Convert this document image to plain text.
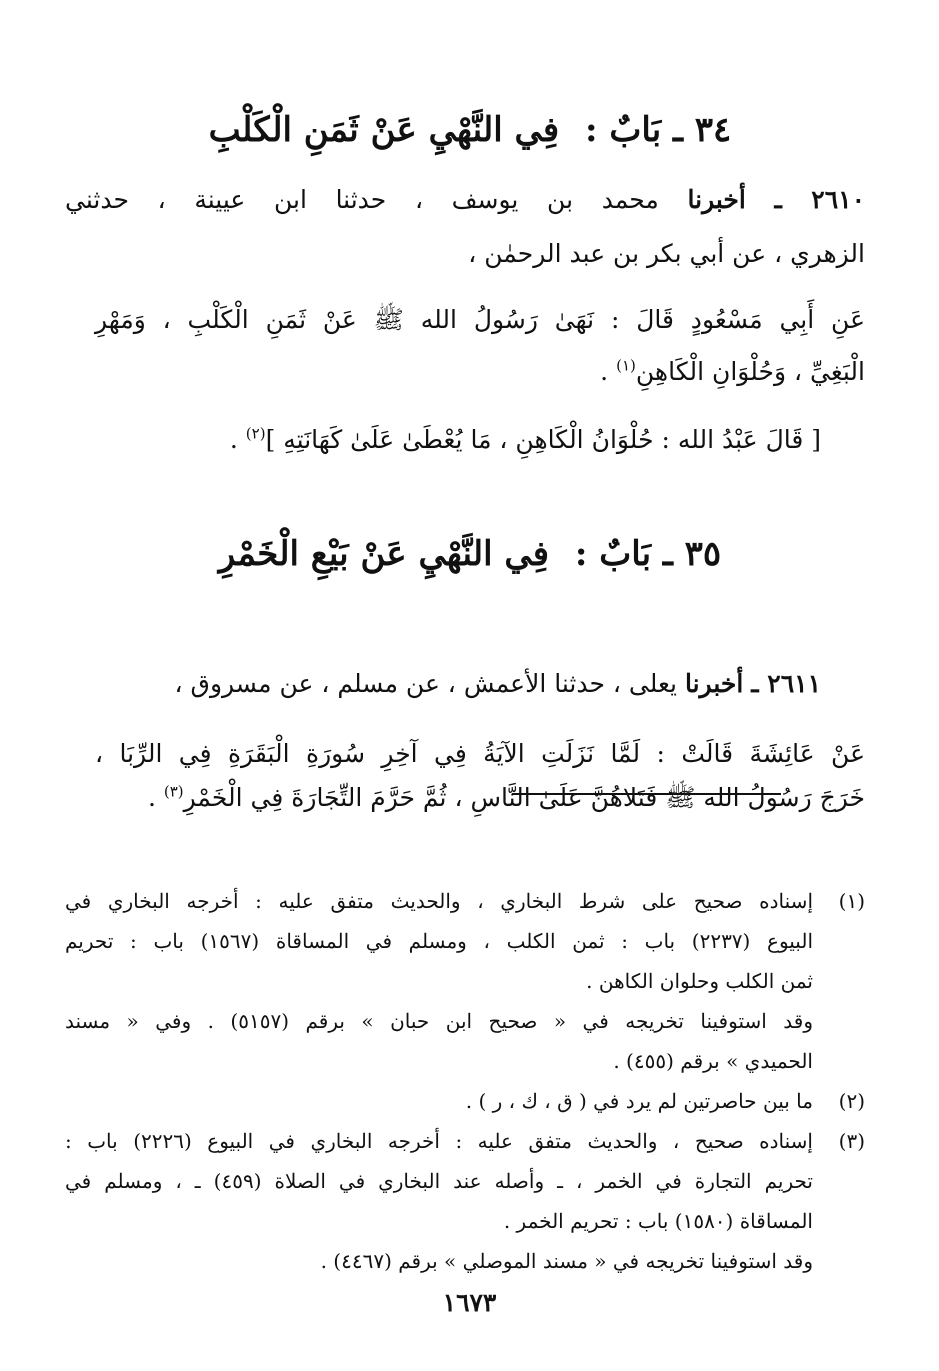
٣٤ ـ بَابٌ : فِي النَّهْيِ عَنْ ثَمَنِ الْكَلْبِ
٢٦١٠ ـ أخبرنا محمد بن يوسف ، حدثنا ابن عيينة ، حدثني
الزهري ، عن أبي بكر بن عبد الرحمٰن ،
عَنِ أَبِي مَسْعُودٍ قَالَ : نَهَىٰ رَسُولُ الله ﷺ عَنْ ثَمَنِ الْكَلْبِ ، وَمَهْرِ
الْبَغِيِّ ، وَحُلْوَانِ الْكَاهِنِ$^{(١)}$ .
[ قَالَ عَبْدُ الله : حُلْوَانُ الْكَاهِنِ ، مَا يُعْطَىٰ عَلَىٰ كَهَانَتِهِ ]$^{(٢)}$ .
٣٥ ـ بَابٌ : فِي النَّهْيِ عَنْ بَيْعِ الْخَمْرِ
٢٦١١ ـ أخبرنا يعلى ، حدثنا الأعمش ، عن مسلم ، عن مسروق ،
عَنْ عَائِشَةَ قَالَتْ : لَمَّا نَزَلَتِ الآيَةُ فِي آخِرِ سُورَةِ الْبَقَرَةِ فِي الرِّبَا ،
خَرَجَ رَسُولُ الله ﷺ فَتَلاهُنَّ عَلَىٰ النَّاسِ ، ثُمَّ حَرَّمَ التِّجَارَةَ فِي الْخَمْرِ$^{(٣)}$ .
(١)
إسناده صحيح على شرط البخاري ، والحديث متفق عليه : أخرجه البخاري في
البيوع (٢٢٣٧) باب : ثمن الكلب ، ومسلم في المساقاة (١٥٦٧) باب : تحريم
ثمن الكلب وحلوان الكاهن .
وقد استوفينا تخريجه في « صحيح ابن حبان » برقم (٥١٥٧) . وفي « مسند
الحميدي » برقم (٤٥٥) .
(٢)
ما بين حاصرتين لم يرد في ( ق ، ك ، ر ) .
(٣)
إسناده صحيح ، والحديث متفق عليه : أخرجه البخاري في البيوع (٢٢٢٦) باب :
تحريم التجارة في الخمر ، ـ وأصله عند البخاري في الصلاة (٤٥٩) ـ ، ومسلم في
المساقاة (١٥٨٠) باب : تحريم الخمر .
وقد استوفينا تخريجه في « مسند الموصلي » برقم (٤٤٦٧) .
١٦٧٣
